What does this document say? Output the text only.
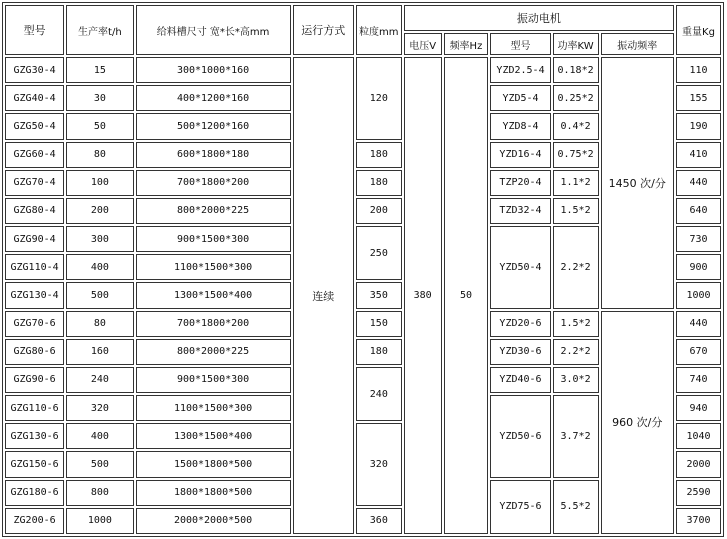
型号	生产率t/h	给料槽尺寸 宽*长*高mm	运行方式	粒度mm	振动电机					重量Kg
					电压V	频率Hz	型号	功率KW	振动频率	
GZG30-4	15	300*1000*160	连续	120	380	50	YZD2.5-4	0.18*2	1450 次/分	110
GZG40-4	30	400*1200*160					YZD5-4	0.25*2		155
GZG50-4	50	500*1200*160					YZD8-4	0.4*2		190
GZG60-4	80	600*1800*180		180			YZD16-4	0.75*2		410
GZG70-4	100	700*1800*200		180			TZP20-4	1.1*2		440
GZG80-4	200	800*2000*225		200			TZD32-4	1.5*2		640
GZG90-4	300	900*1500*300		250			YZD50-4	2.2*2		730
GZG110-4	400	1100*1500*300								900
GZG130-4	500	1300*1500*400		350						1000
GZG70-6	80	700*1800*200		150			YZD20-6	1.5*2	960 次/分	440
GZG80-6	160	800*2000*225		180			YZD30-6	2.2*2		670
GZG90-6	240	900*1500*300		240			YZD40-6	3.0*2		740
GZG110-6	320	1100*1500*300					YZD50-6	3.7*2		940
GZG130-6	400	1300*1500*400		320						1040
GZG150-6	500	1500*1800*500								2000
GZG180-6	800	1800*1800*500					YZD75-6	5.5*2		2590
ZG200-6	1000	2000*2000*500		360						3700
